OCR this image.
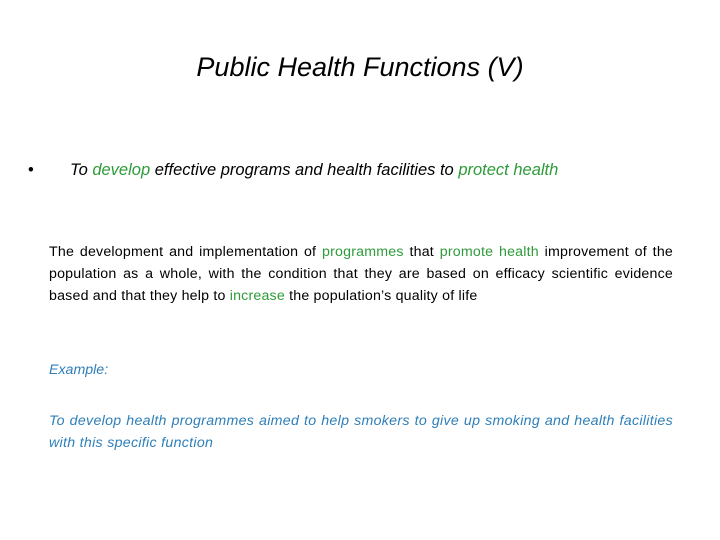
Public Health Functions (V)
• To develop effective programs and health facilities to protect health
The development and implementation of programmes that promote health improvement of the population as a whole, with the condition that they are based on efficacy scientific evidence based and that they help to increase the population’s quality of life
Example:
To develop health programmes aimed to help smokers to give up smoking and health facilities with this specific function
